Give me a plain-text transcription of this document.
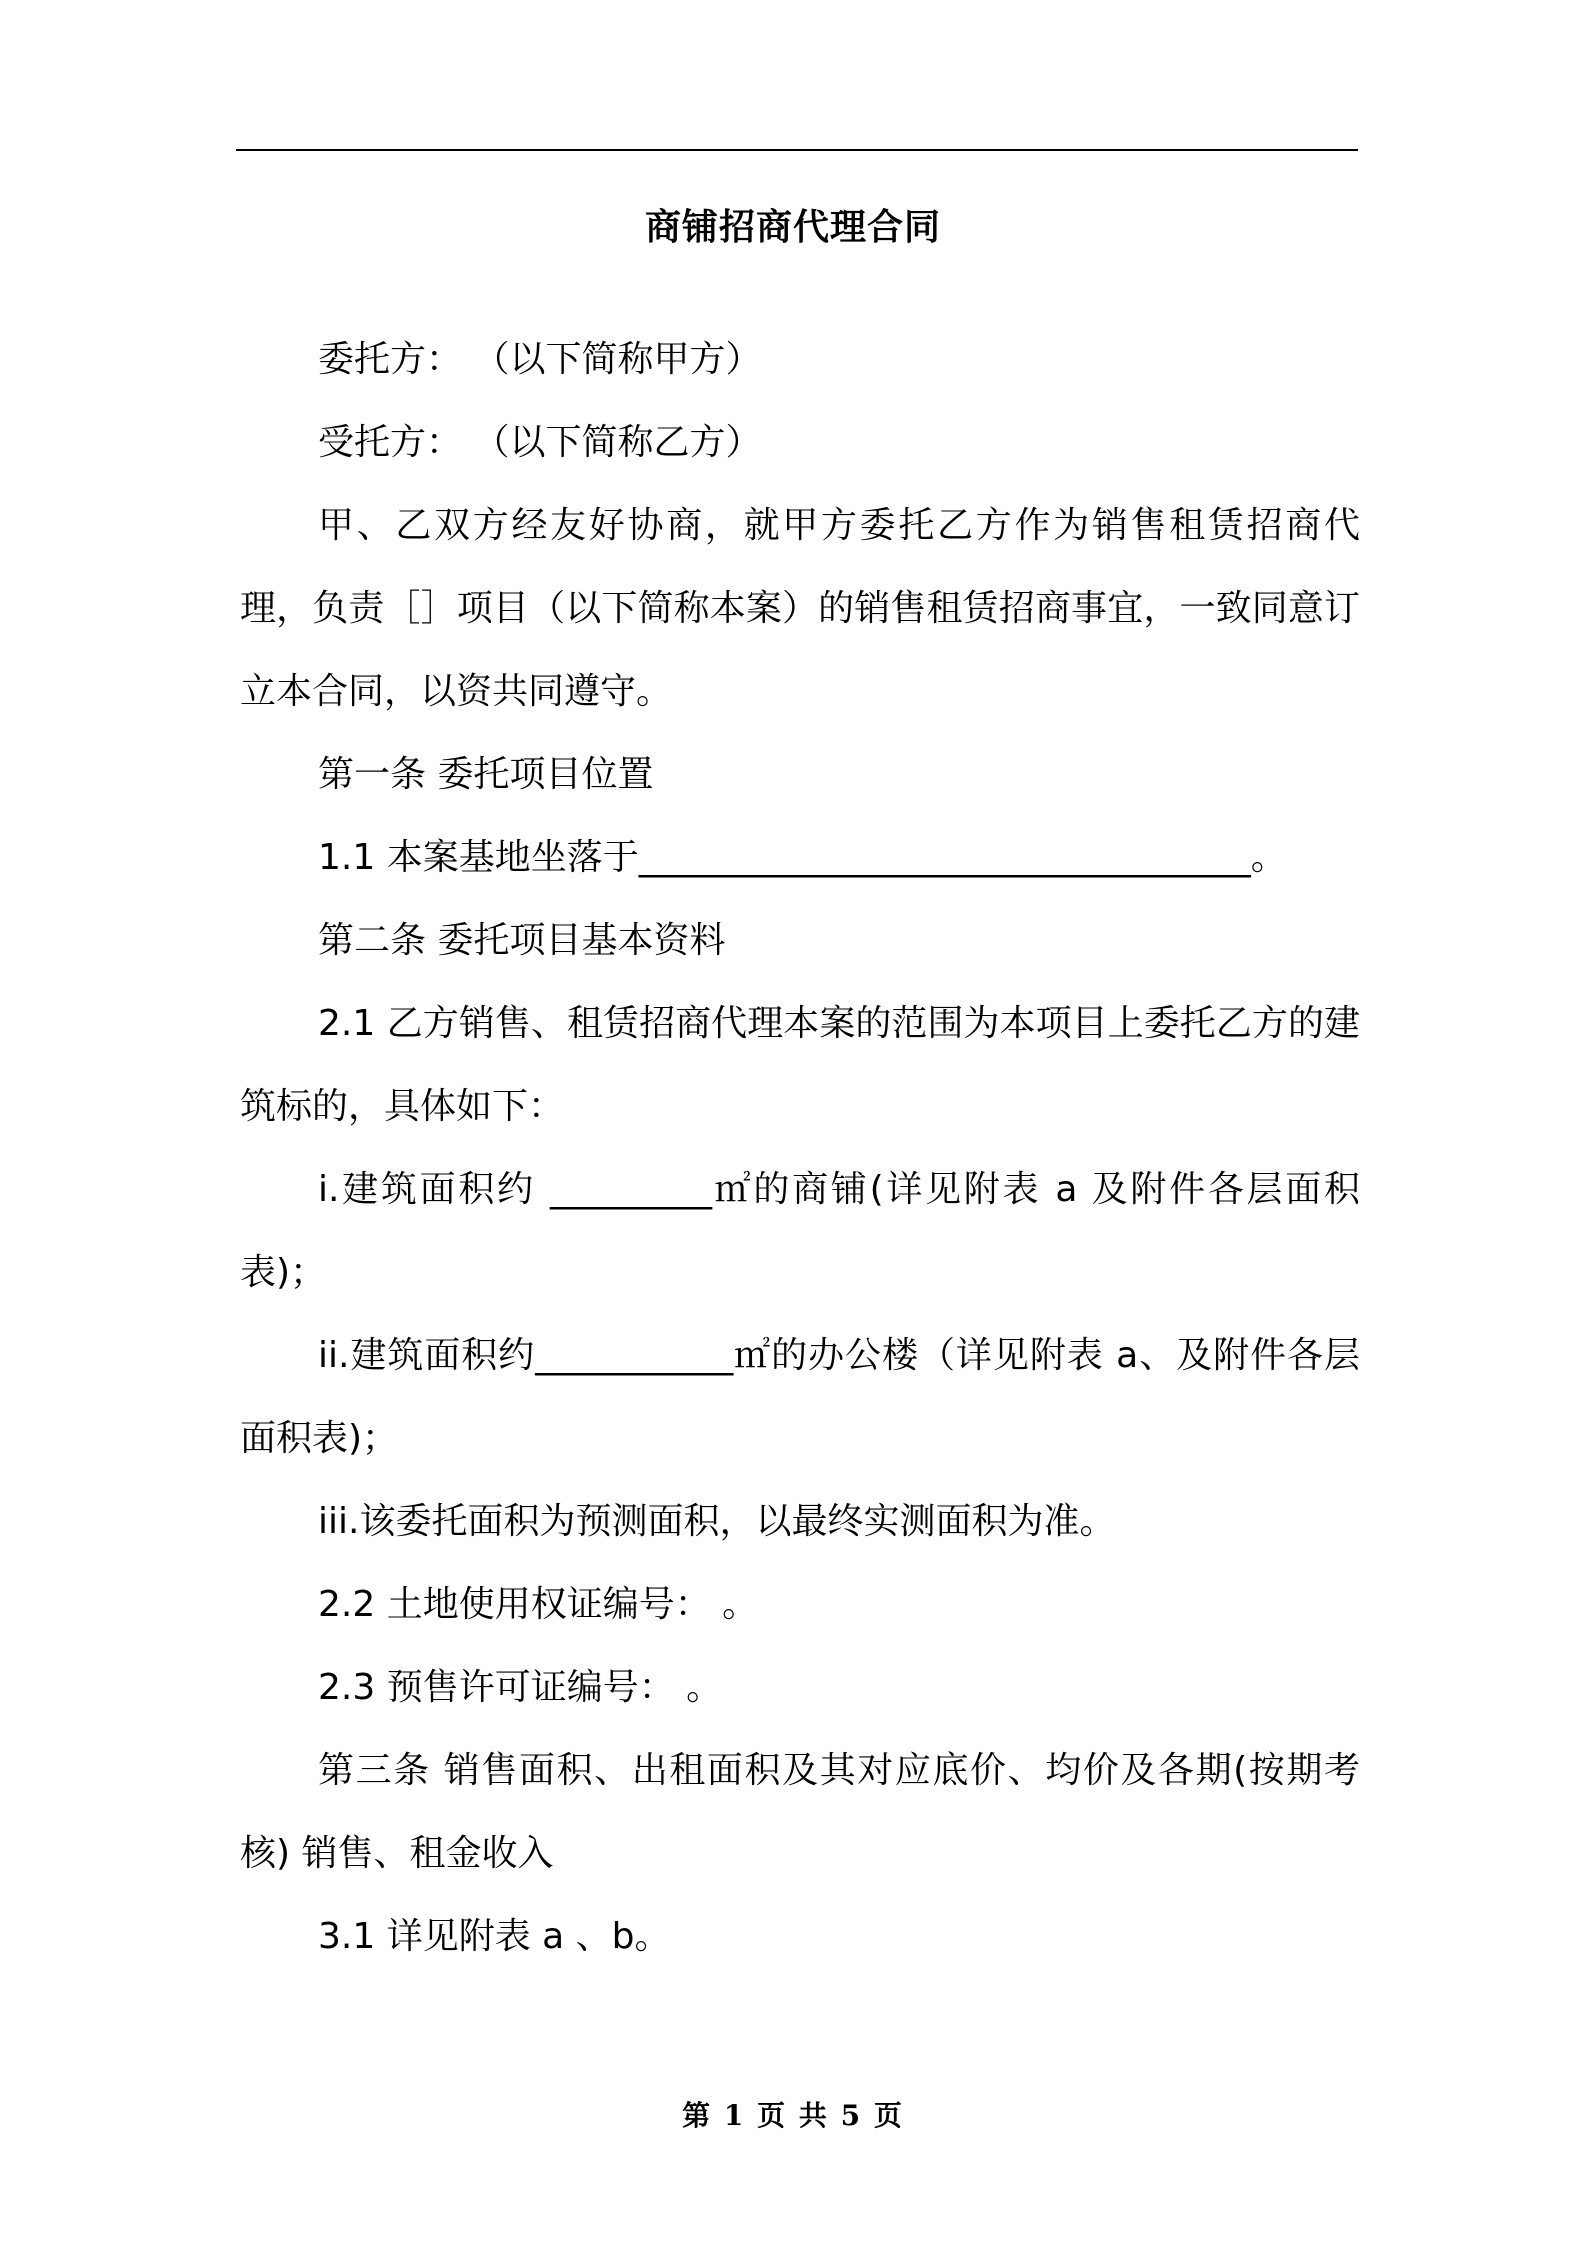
商铺招商代理合同

委托方： （以下简称甲方）

受托方： （以下简称乙方）

甲、乙双方经友好协商，就甲方委托乙方作为销售租赁招商代理，负责［］项目（以下简称本案）的销售租赁招商事宜，一致同意订立本合同，以资共同遵守。

第一条 委托项目位置

1.1 本案基地坐落于__________________________________。

第二条 委托项目基本资料

2.1 乙方销售、租赁招商代理本案的范围为本项目上委托乙方的建筑标的，具体如下：

i.建筑面积约 _________㎡的商铺(详见附表 a 及附件各层面积表)；

ii.建筑面积约___________㎡的办公楼（详见附表 a、及附件各层面积表)；

iii.该委托面积为预测面积，以最终实测面积为准。

2.2 土地使用权证编号： 。

2.3 预售许可证编号： 。

第三条 销售面积、出租面积及其对应底价、均价及各期(按期考核) 销售、租金收入

3.1 详见附表 a 、b。

第 1 页 共 5 页
